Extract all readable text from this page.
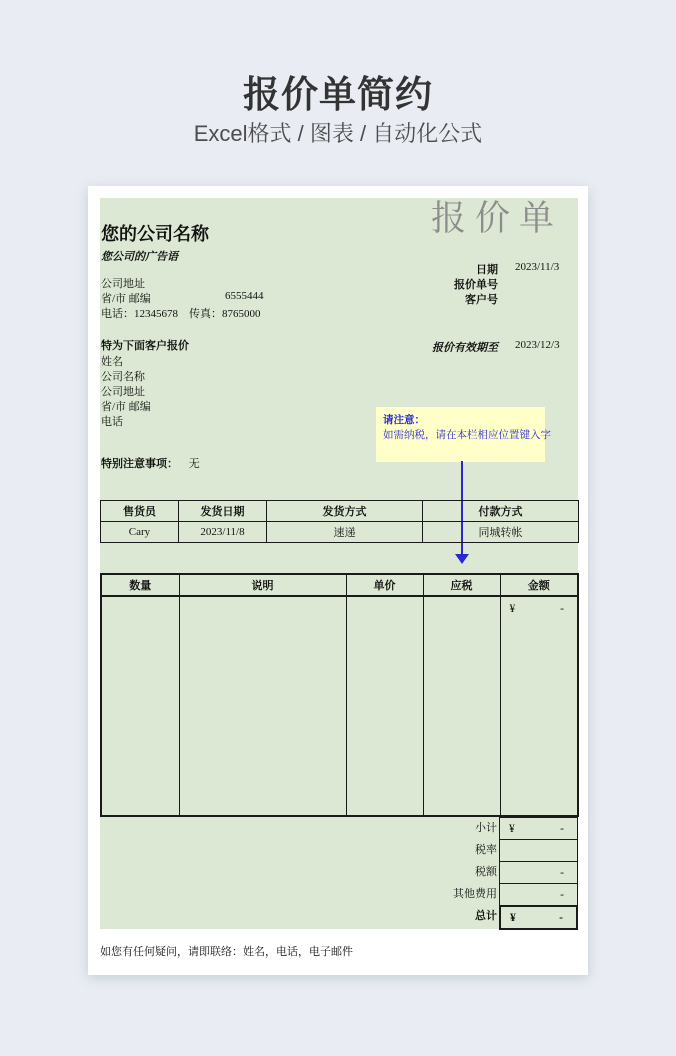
报价单简约
Excel格式 / 图表 / 自动化公式
报价单
您的公司名称
您公司的广告语
公司地址
省/市 邮编	6555444
电话：12345678　传真：8765000
日期 2023/11/3
报价单号
客户号
特为下面客户报价
姓名
公司名称
公司地址
省/市 邮编
电话
报价有效期至 2023/12/3
请注意：
如需纳税，请在本栏相应位置键入字
特别注意事项： 无
售货员	发货日期	发货方式	付款方式
Cary	2023/11/8	速递	同城转帐
数量	说明	单价	应税	金额

				¥ -
小计 ¥	-
税率
税额	-
其他费用	-
总计 ¥	-
如您有任何疑问，请即联络：姓名，电话，电子邮件
